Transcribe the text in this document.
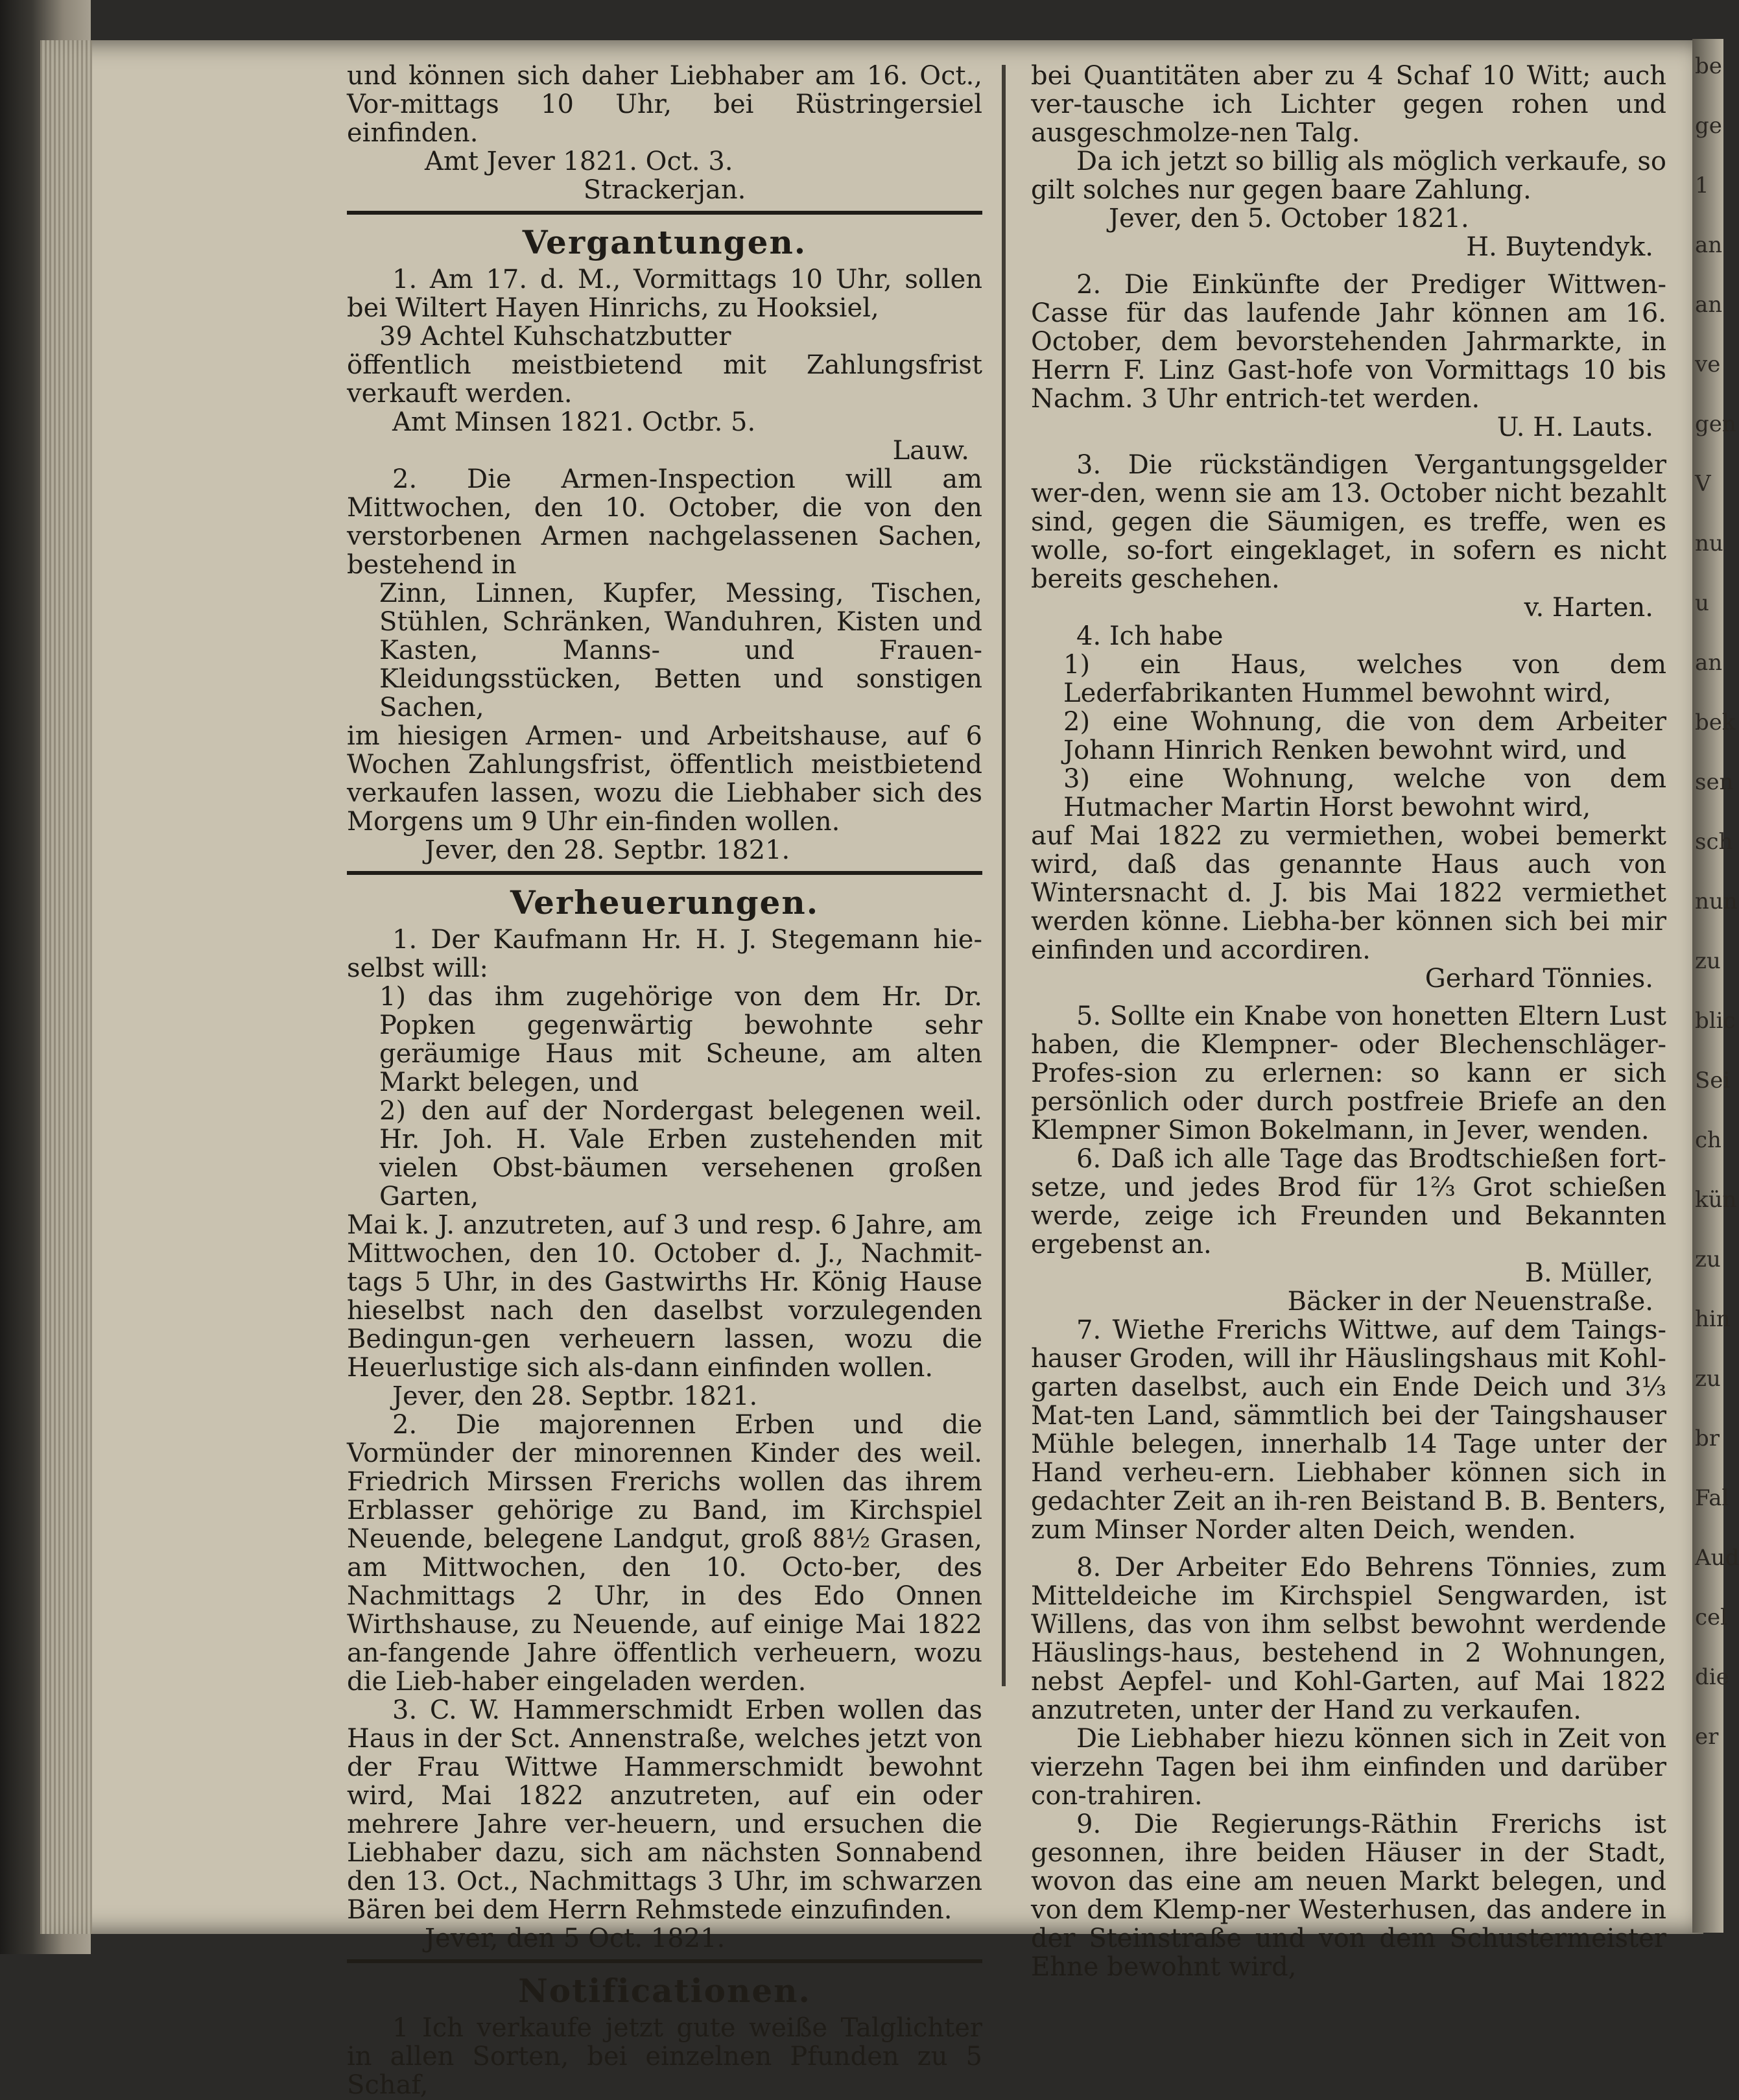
be
ge
1
an
an
ve
gen
V
nu
u
an
bek
sen
sch
nun
zu
blic
Sei
ch
kün
zu
hin
zu
br
Fal
Aud
cel
die
er

und können sich daher Liebhaber am 16. Oct., Vor-mittags 10 Uhr, bei Rüstringersiel einfinden.

Amt Jever 1821. Oct. 3.

Strackerjan.

Vergantungen.

1. Am 17. d. M., Vormittags 10 Uhr, sollen bei Wiltert Hayen Hinrichs, zu Hooksiel,

39 Achtel Kuhschatzbutter

öffentlich meistbietend mit Zahlungsfrist verkauft werden.

Amt Minsen 1821. Octbr. 5.

Lauw.

2. Die Armen-Inspection will am Mittwochen, den 10. October, die von den verstorbenen Armen nachgelassenen Sachen, bestehend in

Zinn, Linnen, Kupfer, Messing, Tischen, Stühlen, Schränken, Wanduhren, Kisten und Kasten, Manns- und Frauen-Kleidungsstücken, Betten und sonstigen Sachen,

im hiesigen Armen- und Arbeitshause, auf 6 Wochen Zahlungsfrist, öffentlich meistbietend verkaufen lassen, wozu die Liebhaber sich des Morgens um 9 Uhr ein-finden wollen.

Jever, den 28. Septbr. 1821.

Verheuerungen.

1. Der Kaufmann Hr. H. J. Stegemann hie-selbst will:

1) das ihm zugehörige von dem Hr. Dr. Popken gegenwärtig bewohnte sehr geräumige Haus mit Scheune, am alten Markt belegen, und

2) den auf der Nordergast belegenen weil. Hr. Joh. H. Vale Erben zustehenden mit vielen Obst-bäumen versehenen großen Garten,

Mai k. J. anzutreten, auf 3 und resp. 6 Jahre, am Mittwochen, den 10. October d. J., Nachmit-tags 5 Uhr, in des Gastwirths Hr. König Hause hieselbst nach den daselbst vorzulegenden Bedingun-gen verheuern lassen, wozu die Heuerlustige sich als-dann einfinden wollen.

Jever, den 28. Septbr. 1821.

2. Die majorennen Erben und die Vormünder der minorennen Kinder des weil. Friedrich Mirssen Frerichs wollen das ihrem Erblasser gehörige zu Band, im Kirchspiel Neuende, belegene Landgut, groß 88½ Grasen, am Mittwochen, den 10. Octo-ber, des Nachmittags 2 Uhr, in des Edo Onnen Wirthshause, zu Neuende, auf einige Mai 1822 an-fangende Jahre öffentlich verheuern, wozu die Lieb-haber eingeladen werden.

3. C. W. Hammerschmidt Erben wollen das Haus in der Sct. Annenstraße, welches jetzt von der Frau Wittwe Hammerschmidt bewohnt wird, Mai 1822 anzutreten, auf ein oder mehrere Jahre ver-heuern, und ersuchen die Liebhaber dazu, sich am nächsten Sonnabend den 13. Oct., Nachmittags 3 Uhr, im schwarzen Bären bei dem Herrn Rehmstede einzufinden.

Jever, den 5 Oct. 1821.

Notificationen.

1 Ich verkaufe jetzt gute weiße Talglichter in allen Sorten, bei einzelnen Pfunden zu 5 Schaf,

bei Quantitäten aber zu 4 Schaf 10 Witt; auch ver-tausche ich Lichter gegen rohen und ausgeschmolze-nen Talg.

Da ich jetzt so billig als möglich verkaufe, so gilt solches nur gegen baare Zahlung.

Jever, den 5. October 1821.

H. Buytendyk.

2. Die Einkünfte der Prediger Wittwen-Casse für das laufende Jahr können am 16. October, dem bevorstehenden Jahrmarkte, in Herrn F. Linz Gast-hofe von Vormittags 10 bis Nachm. 3 Uhr entrich-tet werden.

U. H. Lauts.

3. Die rückständigen Vergantungsgelder wer-den, wenn sie am 13. October nicht bezahlt sind, gegen die Säumigen, es treffe, wen es wolle, so-fort eingeklaget, in sofern es nicht bereits geschehen.

v. Harten.

4. Ich habe

1) ein Haus, welches von dem Lederfabrikanten Hummel bewohnt wird,

2) eine Wohnung, die von dem Arbeiter Johann Hinrich Renken bewohnt wird, und

3) eine Wohnung, welche von dem Hutmacher Martin Horst bewohnt wird,

auf Mai 1822 zu vermiethen, wobei bemerkt wird, daß das genannte Haus auch von Wintersnacht d. J. bis Mai 1822 vermiethet werden könne. Liebha-ber können sich bei mir einfinden und accordiren.

Gerhard Tönnies.

5. Sollte ein Knabe von honetten Eltern Lust haben, die Klempner- oder Blechenschläger-Profes-sion zu erlernen: so kann er sich persönlich oder durch postfreie Briefe an den Klempner Simon Bokelmann, in Jever, wenden.

6. Daß ich alle Tage das Brodtschießen fort-setze, und jedes Brod für 1⅔ Grot schießen werde, zeige ich Freunden und Bekannten ergebenst an.

B. Müller,

Bäcker in der Neuenstraße.

7. Wiethe Frerichs Wittwe, auf dem Taings-hauser Groden, will ihr Häuslingshaus mit Kohl-garten daselbst, auch ein Ende Deich und 3⅓ Mat-ten Land, sämmtlich bei der Taingshauser Mühle belegen, innerhalb 14 Tage unter der Hand verheu-ern. Liebhaber können sich in gedachter Zeit an ih-ren Beistand B. B. Benters, zum Minser Norder alten Deich, wenden.

8. Der Arbeiter Edo Behrens Tönnies, zum Mitteldeiche im Kirchspiel Sengwarden, ist Willens, das von ihm selbst bewohnt werdende Häuslings-haus, bestehend in 2 Wohnungen, nebst Aepfel- und Kohl-Garten, auf Mai 1822 anzutreten, unter der Hand zu verkaufen.

Die Liebhaber hiezu können sich in Zeit von vierzehn Tagen bei ihm einfinden und darüber con-trahiren.

9. Die Regierungs-Räthin Frerichs ist gesonnen, ihre beiden Häuser in der Stadt, wovon das eine am neuen Markt belegen, und von dem Klemp-ner Westerhusen, das andere in der Steinstraße und von dem Schustermeister Ehne bewohnt wird,
